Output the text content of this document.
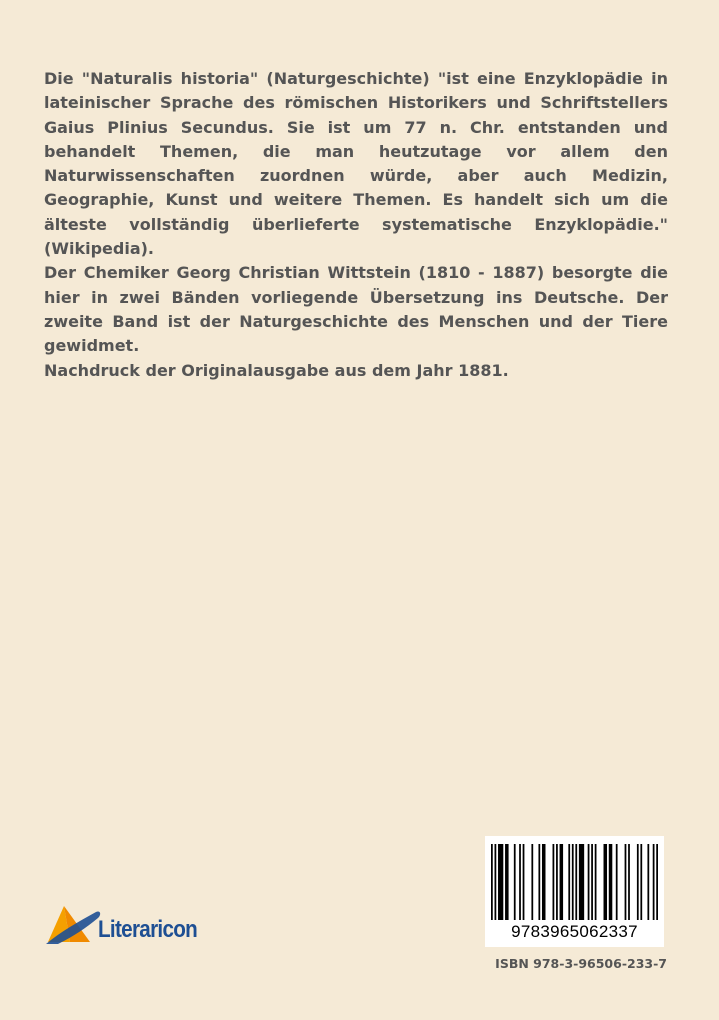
Die "Naturalis historia" (Naturgeschichte) "ist eine Enzyklopädie in lateinischer Sprache des römischen Historikers und Schriftstellers Gaius Plinius Secundus. Sie ist um 77 n. Chr. entstanden und behandelt Themen, die man heutzutage vor allem den Naturwissenschaften zuordnen würde, aber auch Medizin, Geographie, Kunst und weitere Themen. Es handelt sich um die älteste vollständig überlieferte systematische Enzyklopädie." (Wikipedia).

Der Chemiker Georg Christian Wittstein (1810 - 1887) besorgte die hier in zwei Bänden vorliegende Übersetzung ins Deutsche. Der zweite Band ist der Naturgeschichte des Menschen und der Tiere gewidmet.

Nachdruck der Originalausgabe aus dem Jahr 1881.

Literaricon	9783965062337
ISBN 978-3-96506-233-7
